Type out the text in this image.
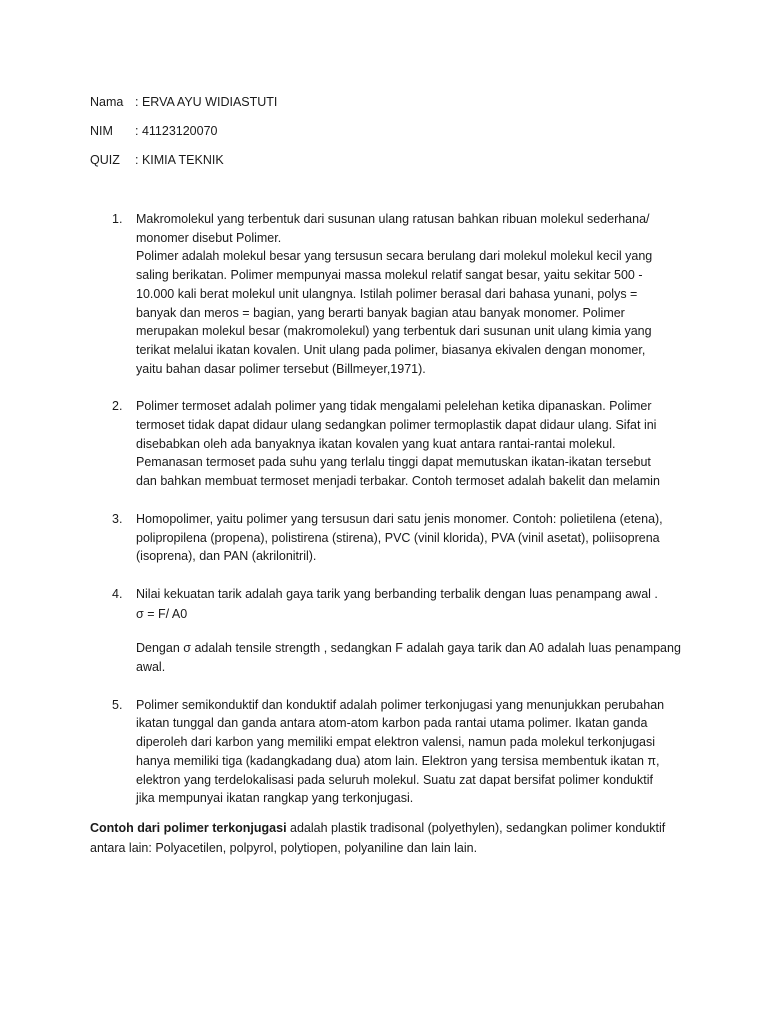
Nama : ERVA AYU WIDIASTUTI
NIM	: 41123120070
QUIZ	: KIMIA TEKNIK
1.	Makromolekul yang terbentuk dari susunan ulang ratusan bahkan ribuan molekul sederhana/

monomer disebut Polimer.

Polimer adalah molekul besar yang tersusun secara berulang dari molekul molekul kecil yang

saling berikatan. Polimer mempunyai massa molekul relatif sangat besar, yaitu sekitar 500 -

10.000 kali berat molekul unit ulangnya. Istilah polimer berasal dari bahasa yunani, polys =

banyak dan meros = bagian, yang berarti banyak bagian atau banyak monomer. Polimer

merupakan molekul besar (makromolekul) yang terbentuk dari susunan unit ulang kimia yang

terikat melalui ikatan kovalen. Unit ulang pada polimer, biasanya ekivalen dengan monomer,

yaitu bahan dasar polimer tersebut (Billmeyer,1971).

2.	Polimer termoset adalah polimer yang tidak mengalami pelelehan ketika dipanaskan. Polimer

termoset tidak dapat didaur ulang sedangkan polimer termoplastik dapat didaur ulang. Sifat ini

disebabkan oleh ada banyaknya ikatan kovalen yang kuat antara rantai-rantai molekul.

Pemanasan termoset pada suhu yang terlalu tinggi dapat memutuskan ikatan-ikatan tersebut

dan bahkan membuat termoset menjadi terbakar. Contoh termoset adalah bakelit dan melamin

3.	Homopolimer, yaitu polimer yang tersusun dari satu jenis monomer. Contoh: polietilena (etena),

polipropilena (propena), polistirena (stirena), PVC (vinil klorida), PVA (vinil asetat), poliisoprena

(isoprena), dan PAN (akrilonitril).

4.	Nilai kekuatan tarik adalah gaya tarik yang berbanding terbalik dengan luas penampang awal .

σ = F/ A0

Dengan σ adalah tensile strength , sedangkan F adalah gaya tarik dan A0 adalah luas penampang

awal.

5.	Polimer semikonduktif dan konduktif adalah polimer terkonjugasi yang menunjukkan perubahan

ikatan tunggal dan ganda antara atom-atom karbon pada rantai utama polimer. Ikatan ganda

diperoleh dari karbon yang memiliki empat elektron valensi, namun pada molekul terkonjugasi

hanya memiliki tiga (kadangkadang dua) atom lain. Elektron yang tersisa membentuk ikatan π,

elektron yang terdelokalisasi pada seluruh molekul. Suatu zat dapat bersifat polimer konduktif

jika mempunyai ikatan rangkap yang terkonjugasi.

Contoh dari polimer terkonjugasi adalah plastik tradisonal (polyethylen), sedangkan polimer konduktif
antara lain: Polyacetilen, polpyrol, polytiopen, polyaniline dan lain lain.
